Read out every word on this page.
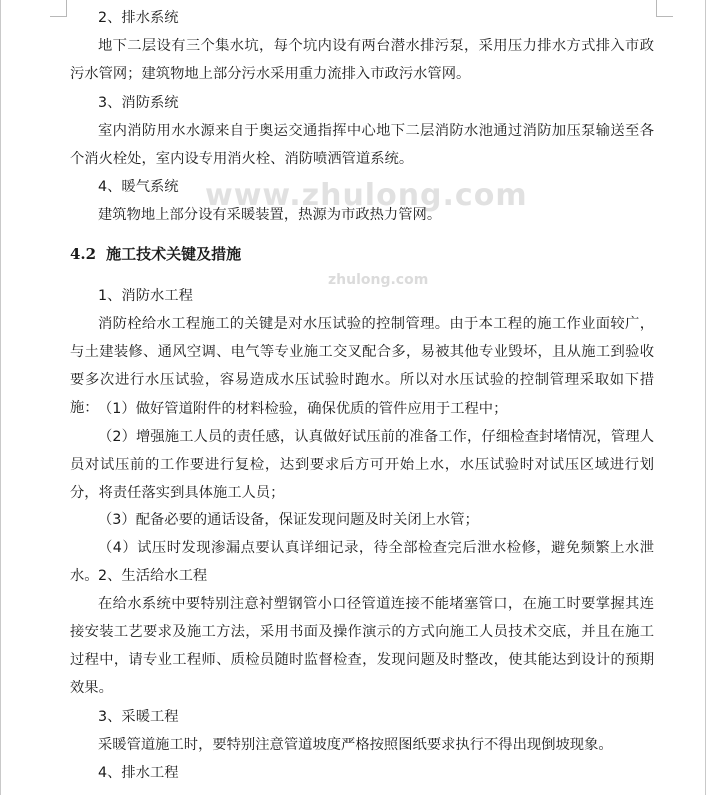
www.zhulong.com
zhulong.com

2、排水系统

地下二层设有三个集水坑，每个坑内设有两台潜水排污泵，采用压力排水方式排入市政污水管网；建筑物地上部分污水采用重力流排入市政污水管网。

3、消防系统

室内消防用水水源来自于奥运交通指挥中心地下二层消防水池通过消防加压泵输送至各个消火栓处，室内设专用消火栓、消防喷洒管道系统。

4、暖气系统

建筑物地上部分设有采暖装置，热源为市政热力管网。

4.2 施工技术关键及措施

1、消防水工程

消防栓给水工程施工的关键是对水压试验的控制管理。由于本工程的施工作业面较广，与土建装修、通风空调、电气等专业施工交叉配合多，易被其他专业毁坏，且从施工到验收要多次进行水压试验，容易造成水压试验时跑水。所以对水压试验的控制管理采取如下措施： （1）做好管道附件的材料检验，确保优质的管件应用于工程中；

（2）增强施工人员的责任感，认真做好试压前的准备工作，仔细检查封堵情况，管理人员对试压前的工作要进行复检，达到要求后方可开始上水，水压试验时对试压区域进行划分，将责任落实到具体施工人员；

（3）配备必要的通话设备，保证发现问题及时关闭上水管；

（4）试压时发现渗漏点要认真详细记录，待全部检查完后泄水检修，避免频繁上水泄水。 2、生活给水工程

在给水系统中要特别注意衬塑钢管小口径管道连接不能堵塞管口，在施工时要掌握其连接安装工艺要求及施工方法，采用书面及操作演示的方式向施工人员技术交底，并且在施工过程中，请专业工程师、质检员随时监督检查，发现问题及时整改，使其能达到设计的预期效果。

3、采暖工程

采暖管道施工时，要特别注意管道坡度严格按照图纸要求执行不得出现倒坡现象。

4、排水工程
